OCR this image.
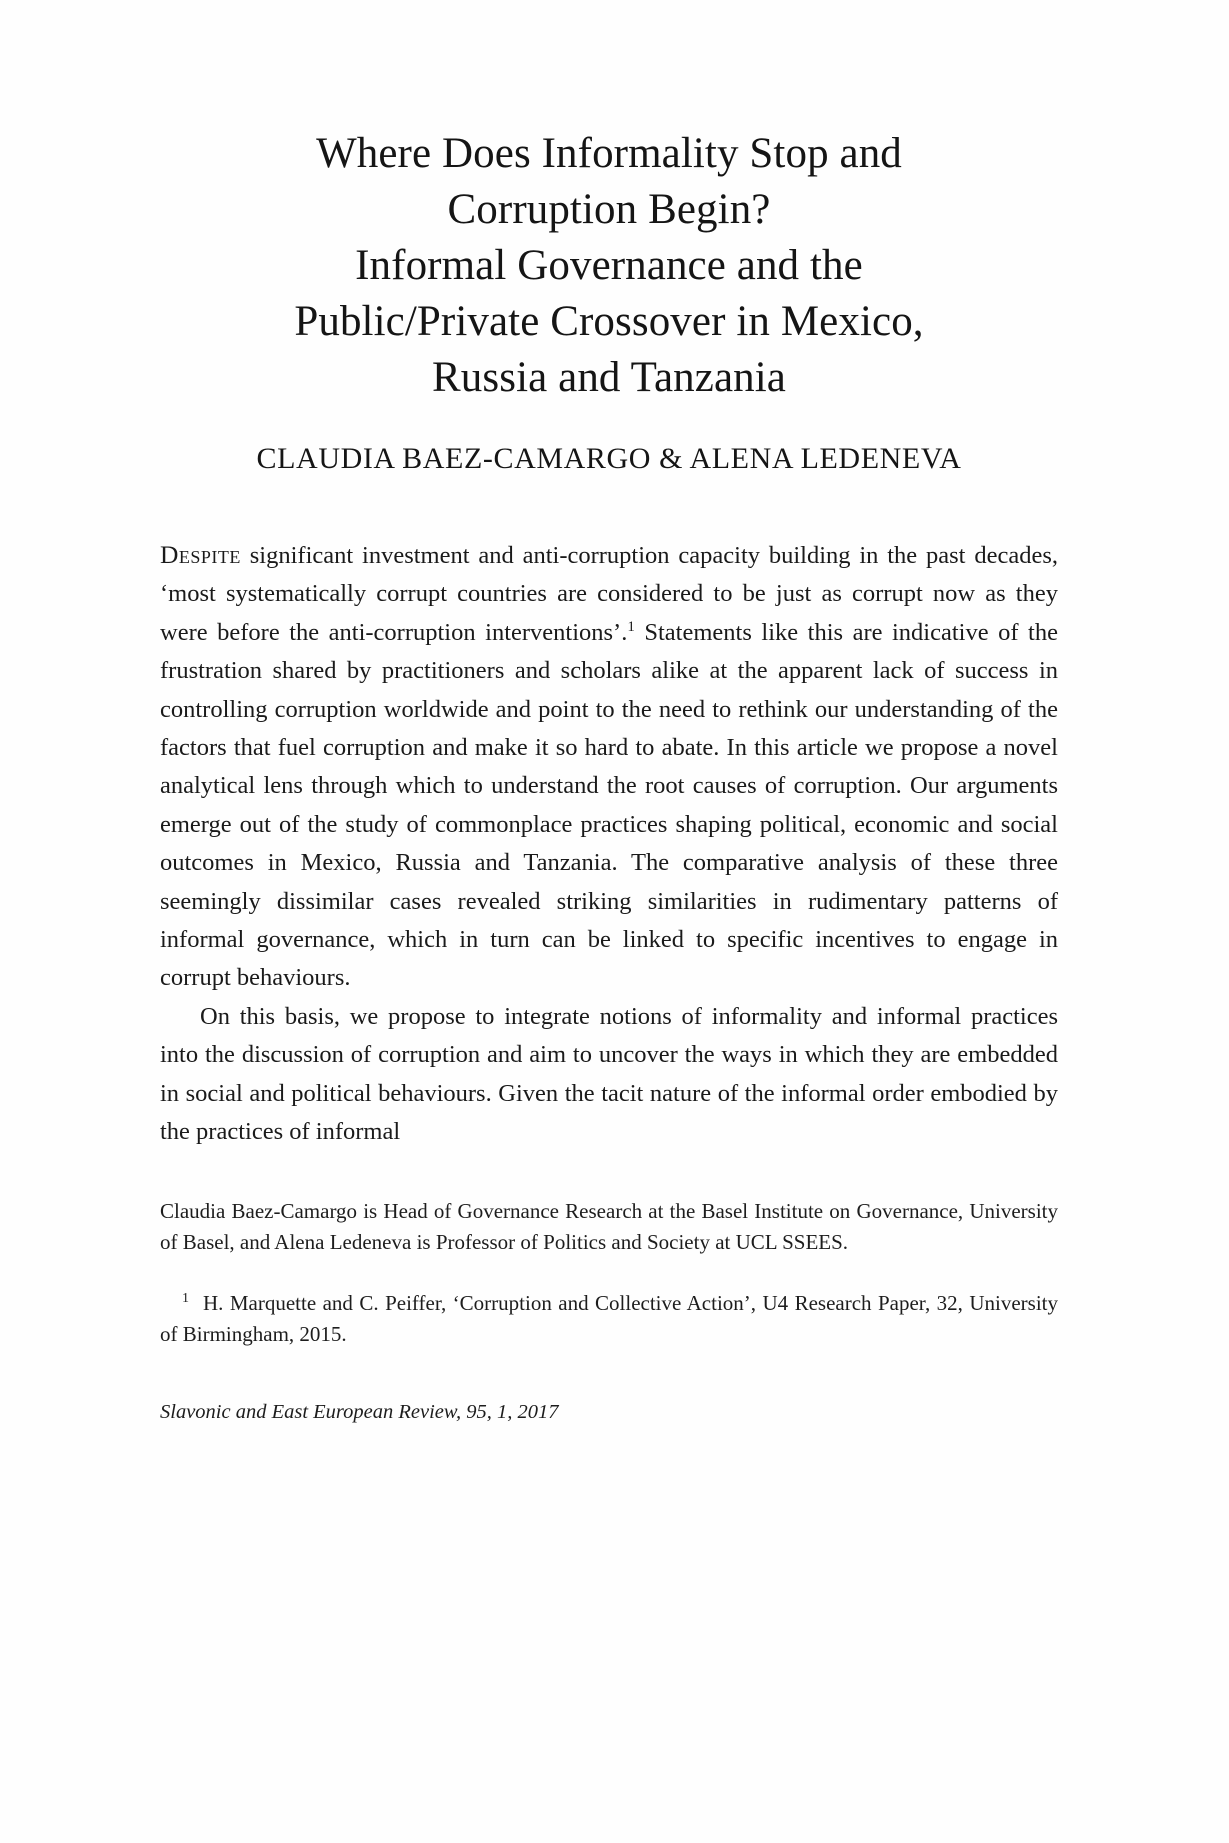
Where Does Informality Stop and
Corruption Begin?
Informal Governance and the
Public/Private Crossover in Mexico,
Russia and Tanzania
CLAUDIA BAEZ-CAMARGO & ALENA LEDENEVA

Despite significant investment and anti-corruption capacity building in the past decades, ‘most systematically corrupt countries are considered to be just as corrupt now as they were before the anti-corruption interventions’.$^1$ Statements like this are indicative of the frustration shared by practitioners and scholars alike at the apparent lack of success in controlling corruption worldwide and point to the need to rethink our understanding of the factors that fuel corruption and make it so hard to abate. In this article we propose a novel analytical lens through which to understand the root causes of corruption. Our arguments emerge out of the study of commonplace practices shaping political, economic and social outcomes in Mexico, Russia and Tanzania. The comparative analysis of these three seemingly dissimilar cases revealed striking similarities in rudimentary patterns of informal governance, which in turn can be linked to specific incentives to engage in corrupt behaviours.

On this basis, we propose to integrate notions of informality and informal practices into the discussion of corruption and aim to uncover the ways in which they are embedded in social and political behaviours. Given the tacit nature of the informal order embodied by the practices of informal

Claudia Baez-Camargo is Head of Governance Research at the Basel Institute on Governance, University of Basel, and Alena Ledeneva is Professor of Politics and Society at UCL SSEES.

$^1$ H. Marquette and C. Peiffer, ‘Corruption and Collective Action’, U4 Research Paper, 32, University of Birmingham, 2015.

Slavonic and East European Review, 95, 1, 2017
